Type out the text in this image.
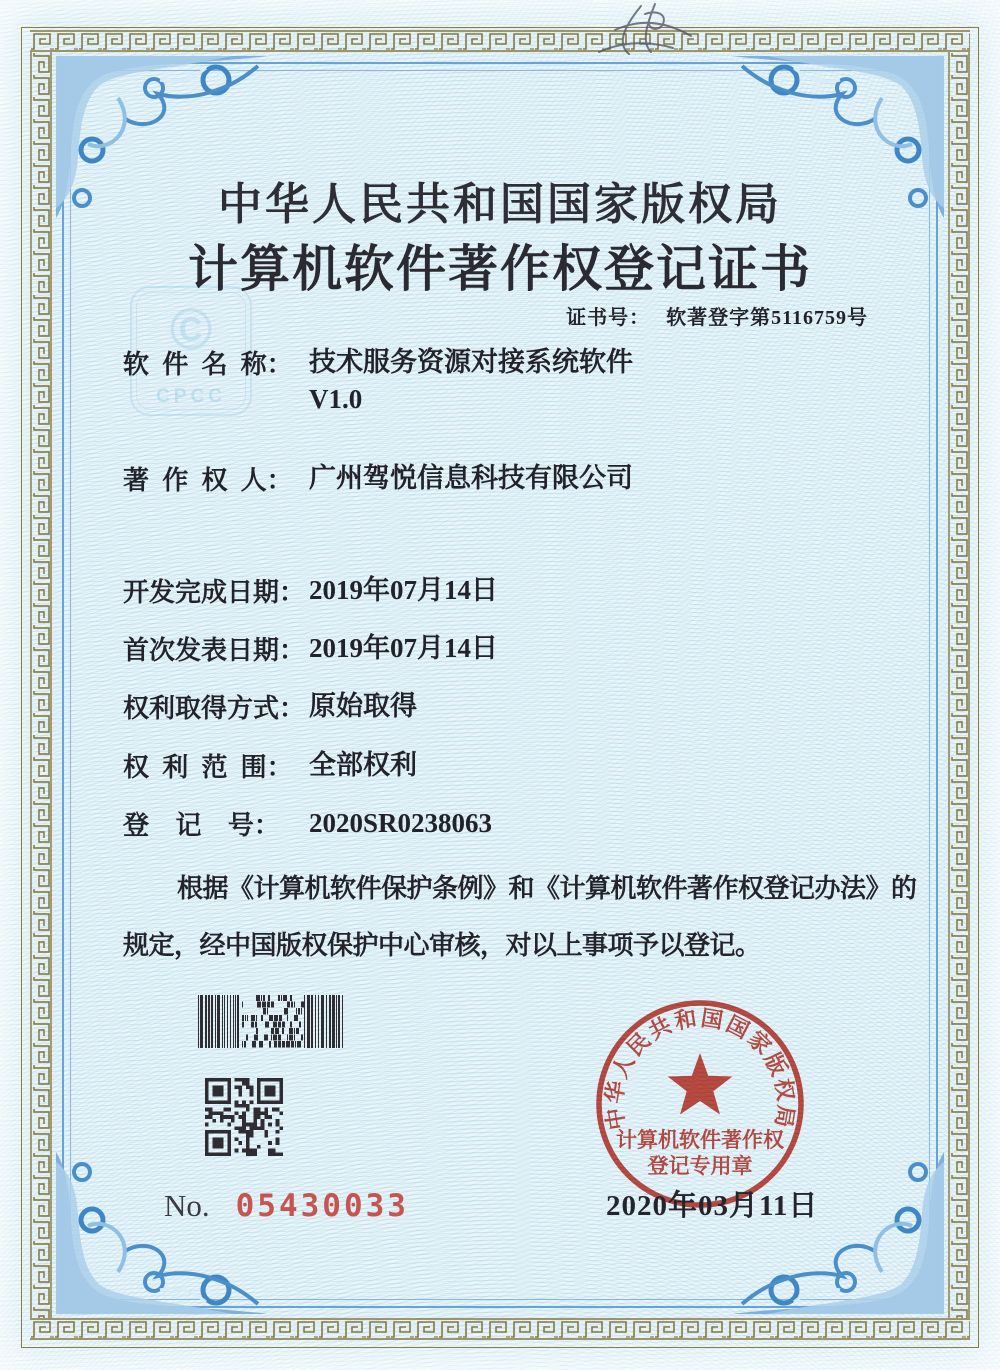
©
CPCC
中华人民共和国国家版权局
计算机软件著作权登记证书
证书号： 软著登字第5116759号
软 件 名 称： 技术服务资源对接系统软件
V1.0
著 作 权 人： 广州驾悦信息科技有限公司
开发完成日期： 2019年07月14日
首次发表日期： 2019年07月14日
权利取得方式： 原始取得
权 利 范 围： 全部权利
登  记  号：	2020SR0238063
根据《计算机软件保护条例》和《计算机软件著作权登记办法》的
规定，经中国版权保护中心审核，对以上事项予以登记。
中华人民共和国国家版权局
计算机软件著作权
登记专用章
2020年03月11日
No. 05430033
